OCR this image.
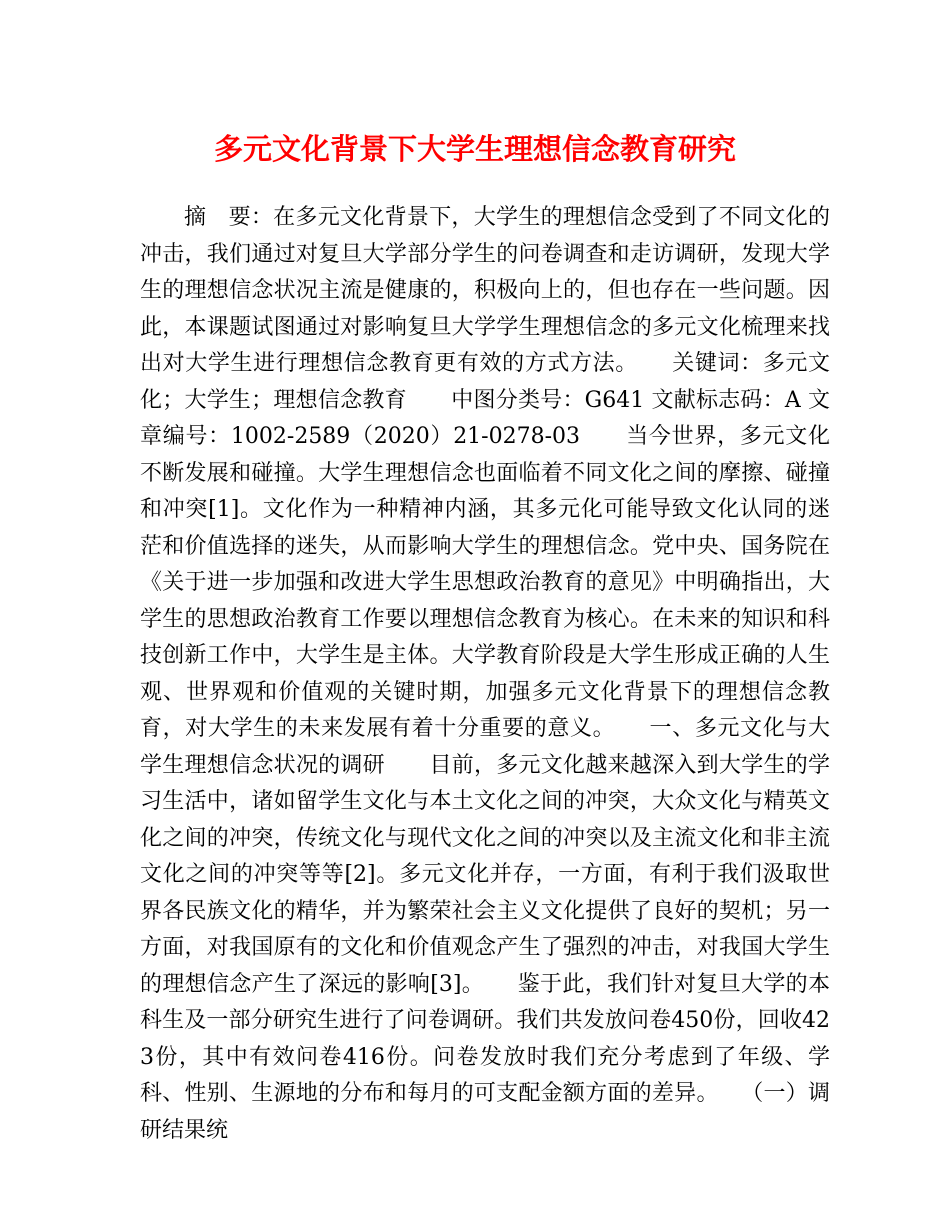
多元文化背景下大学生理想信念教育研究

摘　要：在多元文化背景下，大学生的理想信念受到了不同文化的冲击，我们通过对复旦大学部分学生的问卷调查和走访调研，发现大学生的理想信念状况主流是健康的，积极向上的，但也存在一些问题。因此，本课题试图通过对影响复旦大学学生理想信念的多元文化梳理来找出对大学生进行理想信念教育更有效的方式方法。　　关键词：多元文化；大学生；理想信念教育　　中图分类号：G641 文献标志码：A 文章编号：1002-2589（2020）21-0278-03　　当今世界，多元文化不断发展和碰撞。大学生理想信念也面临着不同文化之间的摩擦、碰撞和冲突[1]。文化作为一种精神内涵，其多元化可能导致文化认同的迷茫和价值选择的迷失，从而影响大学生的理想信念。党中央、国务院在《关于进一步加强和改进大学生思想政治教育的意见》中明确指出，大学生的思想政治教育工作要以理想信念教育为核心。在未来的知识和科技创新工作中，大学生是主体。大学教育阶段是大学生形成正确的人生观、世界观和价值观的关键时期，加强多元文化背景下的理想信念教育，对大学生的未来发展有着十分重要的意义。　　一、多元文化与大学生理想信念状况的调研　　目前，多元文化越来越深入到大学生的学习生活中，诸如留学生文化与本土文化之间的冲突，大众文化与精英文化之间的冲突，传统文化与现代文化之间的冲突以及主流文化和非主流文化之间的冲突等等[2]。多元文化并存，一方面，有利于我们汲取世界各民族文化的精华，并为繁荣社会主义文化提供了良好的契机；另一方面，对我国原有的文化和价值观念产生了强烈的冲击，对我国大学生的理想信念产生了深远的影响[3]。　　鉴于此，我们针对复旦大学的本科生及一部分研究生进行了问卷调研。我们共发放问卷450份，回收423份，其中有效问卷416份。问卷发放时我们充分考虑到了年级、学科、性别、生源地的分布和每月的可支配金额方面的差异。　　（一）调研结果统
